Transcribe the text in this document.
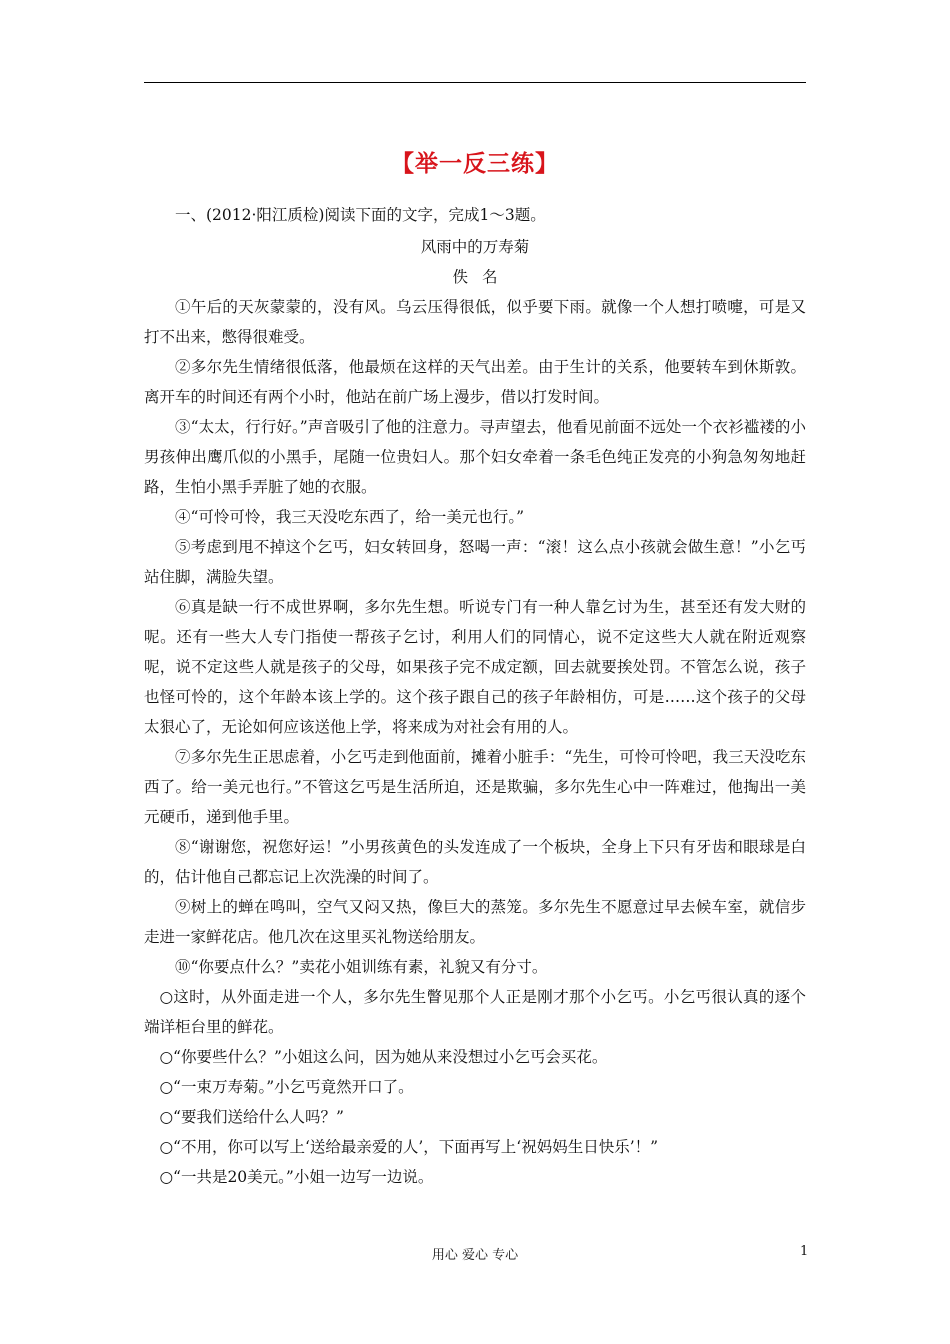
【举一反三练】

一、(2012·阳江质检)阅读下面的文字，完成1～3题。

风雨中的万寿菊

佚名

①午后的天灰蒙蒙的，没有风。乌云压得很低，似乎要下雨。就像一个人想打喷嚏，可是又打不出来，憋得很难受。

②多尔先生情绪很低落，他最烦在这样的天气出差。由于生计的关系，他要转车到休斯敦。离开车的时间还有两个小时，他站在前广场上漫步，借以打发时间。

③“太太，行行好。”声音吸引了他的注意力。寻声望去，他看见前面不远处一个衣衫褴褛的小男孩伸出鹰爪似的小黑手，尾随一位贵妇人。那个妇女牵着一条毛色纯正发亮的小狗急匆匆地赶路，生怕小黑手弄脏了她的衣服。

④“可怜可怜，我三天没吃东西了，给一美元也行。”

⑤考虑到甩不掉这个乞丐，妇女转回身，怒喝一声：“滚！这么点小孩就会做生意！”小乞丐站住脚，满脸失望。

⑥真是缺一行不成世界啊，多尔先生想。听说专门有一种人靠乞讨为生，甚至还有发大财的呢。还有一些大人专门指使一帮孩子乞讨，利用人们的同情心，说不定这些大人就在附近观察呢，说不定这些人就是孩子的父母，如果孩子完不成定额，回去就要挨处罚。不管怎么说，孩子也怪可怜的，这个年龄本该上学的。这个孩子跟自己的孩子年龄相仿，可是……这个孩子的父母太狠心了，无论如何应该送他上学，将来成为对社会有用的人。

⑦多尔先生正思虑着，小乞丐走到他面前，摊着小脏手：“先生，可怜可怜吧，我三天没吃东西了。给一美元也行。”不管这乞丐是生活所迫，还是欺骗，多尔先生心中一阵难过，他掏出一美元硬币，递到他手里。

⑧“谢谢您，祝您好运！”小男孩黄色的头发连成了一个板块，全身上下只有牙齿和眼球是白的，估计他自己都忘记上次洗澡的时间了。

⑨树上的蝉在鸣叫，空气又闷又热，像巨大的蒸笼。多尔先生不愿意过早去候车室，就信步走进一家鲜花店。他几次在这里买礼物送给朋友。

⑩“你要点什么？”卖花小姐训练有素，礼貌又有分寸。

○这时，从外面走进一个人，多尔先生瞥见那个人正是刚才那个小乞丐。小乞丐很认真的逐个端详柜台里的鲜花。

○“你要些什么？”小姐这么问，因为她从来没想过小乞丐会买花。

○“一束万寿菊。”小乞丐竟然开口了。

○“要我们送给什么人吗？”

○“不用，你可以写上‘送给最亲爱的人’，下面再写上‘祝妈妈生日快乐’！”

○“一共是20美元。”小姐一边写一边说。

用心 爱心 专心	1
